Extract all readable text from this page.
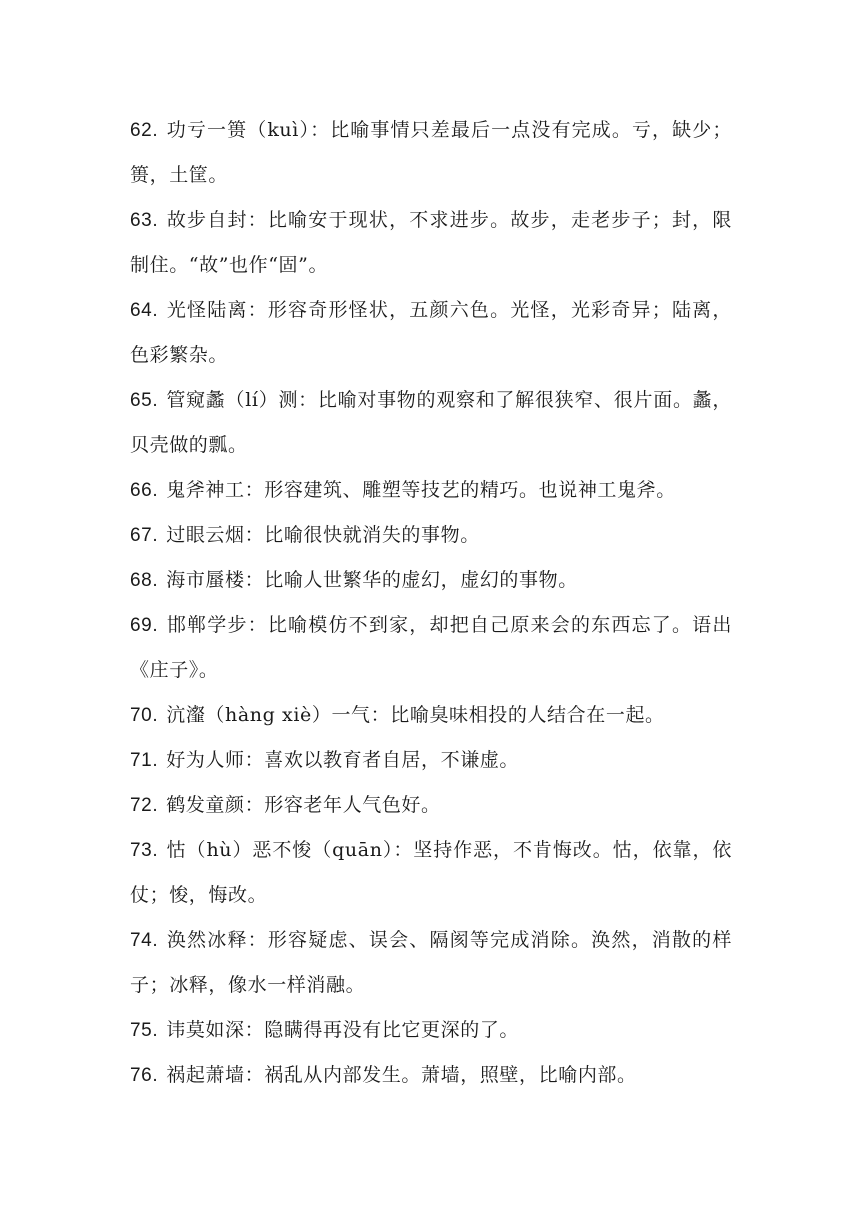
62. 功亏一篑（kuì）：比喻事情只差最后一点没有完成。亏，缺少；篑，土筐。

63. 故步自封：比喻安于现状，不求进步。故步，走老步子；封，限制住。“故”也作“固”。

64. 光怪陆离：形容奇形怪状，五颜六色。光怪，光彩奇异；陆离，色彩繁杂。

65. 管窥蠡（lí）测：比喻对事物的观察和了解很狭窄、很片面。蠡，贝壳做的瓢。

66. 鬼斧神工：形容建筑、雕塑等技艺的精巧。也说神工鬼斧。

67. 过眼云烟：比喻很快就消失的事物。

68. 海市蜃楼：比喻人世繁华的虚幻，虚幻的事物。

69. 邯郸学步：比喻模仿不到家，却把自己原来会的东西忘了。语出《庄子》。

70. 沆瀣（hàng xiè）一气：比喻臭味相投的人结合在一起。

71. 好为人师：喜欢以教育者自居，不谦虚。

72. 鹤发童颜：形容老年人气色好。

73. 怙（hù）恶不悛（quān）：坚持作恶，不肯悔改。怙，依靠，依仗；悛，悔改。

74. 涣然冰释：形容疑虑、误会、隔阂等完成消除。涣然，消散的样子；冰释，像水一样消融。

75. 讳莫如深：隐瞒得再没有比它更深的了。

76. 祸起萧墙：祸乱从内部发生。萧墙，照壁，比喻内部。
